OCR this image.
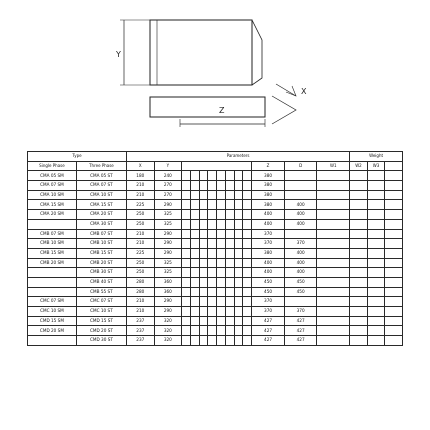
Y
X
Z
Type		Parameters													Weight		
Single Phase	Three Phase	X	Y									Z	D	W1	W2	W3	
CMA 05 SM	CMA 05 ST	180	240									380					
CMA 07 SM	CMA 07 ST	210	270									380					
CMA 10 SM	CMA 10 ST	210	270									380					
CMA 15 SM	CMA 15 ST	225	290									380	400				
CMA 20 SM	CMA 20 ST	250	325									400	400				
	CMA 30 ST	250	325									400	400				
CMB 07 SM	CMB 07 ST	210	290									370					
CMB 10 SM	CMB 10 ST	210	290									370	370				
CMB 15 SM	CMB 15 ST	225	290									380	400				
CMB 20 SM	CMB 20 ST	250	325									400	400				
	CMB 30 ST	250	325									400	400				
	CMB 40 ST	280	360									450	450				
	CMB 55 ST	280	360									450	450				
CMC 07 SM	CMC 07 ST	210	290									370					
CMC 10 SM	CMC 10 ST	210	290									370	370				
CMD 15 SM	CMD 15 ST	237	320									427	427				
CMD 20 SM	CMD 20 ST	237	320									427	427				
	CMD 30 ST	237	320									427	427				
